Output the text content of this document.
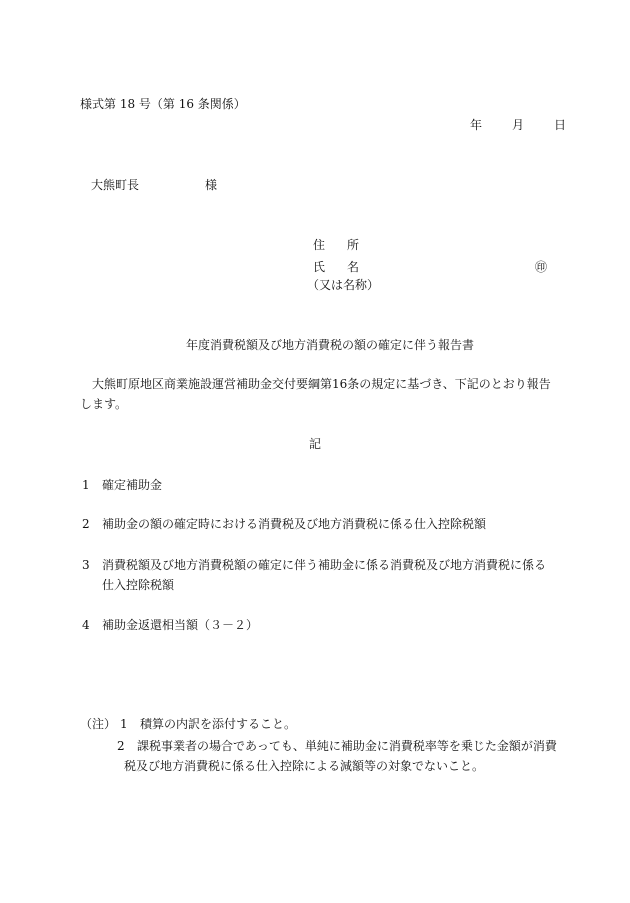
様式第 18 号（第 16 条関係）
年	月	日
大熊町長	様
住 所
氏 名	㊞
（又は名称）
年度消費税額及び地方消費税の額の確定に伴う報告書
大熊町原地区商業施設運営補助金交付要綱第16条の規定に基づき、下記のとおり報告します。
記
1 確定補助金
2 補助金の額の確定時における消費税及び地方消費税に係る仕入控除税額
3 消費税額及び地方消費税額の確定に伴う補助金に係る消費税及び地方消費税に係る
仕入控除税額
4 補助金返還相当額（３－２）
（注） 1 積算の内訳を添付すること。
2 課税事業者の場合であっても、単純に補助金に消費税率等を乗じた金額が消費
税及び地方消費税に係る仕入控除による減額等の対象でないこと。
